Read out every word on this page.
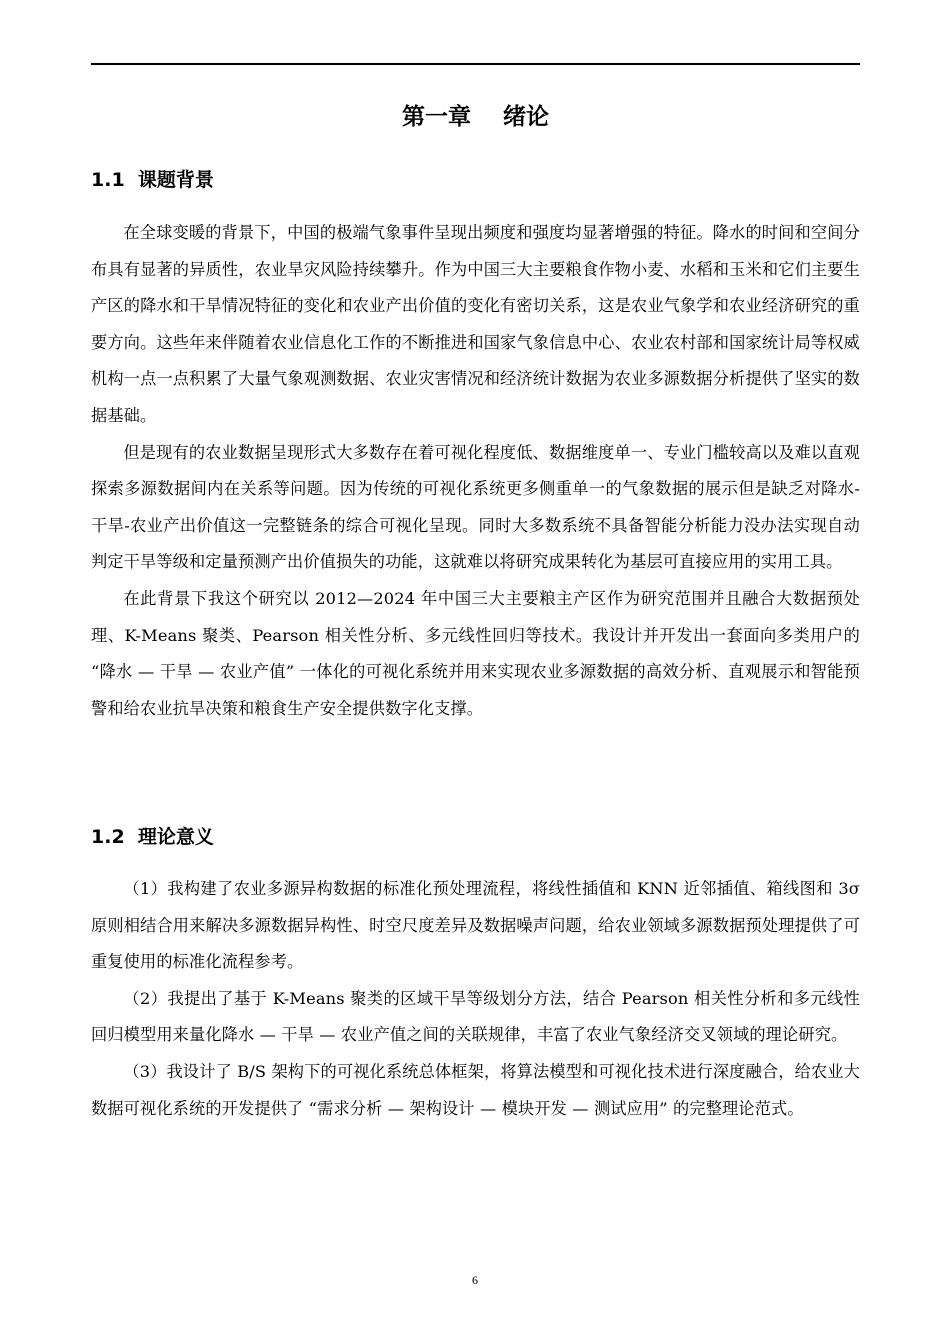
第一章    绪论
1.1  课题背景

在全球变暖的背景下，中国的极端气象事件呈现出频度和强度均显著增强的特征。降水的时间和空间分布具有显著的异质性，农业旱灾风险持续攀升。作为中国三大主要粮食作物小麦、水稻和玉米和它们主要生产区的降水和干旱情况特征的变化和农业产出价值的变化有密切关系，这是农业气象学和农业经济研究的重要方向。这些年来伴随着农业信息化工作的不断推进和国家气象信息中心、农业农村部和国家统计局等权威机构一点一点积累了大量气象观测数据、农业灾害情况和经济统计数据为农业多源数据分析提供了坚实的数据基础。

但是现有的农业数据呈现形式大多数存在着可视化程度低、数据维度单一、专业门槛较高以及难以直观探索多源数据间内在关系等问题。因为传统的可视化系统更多侧重单一的气象数据的展示但是缺乏对降水-干旱-农业产出价值这一完整链条的综合可视化呈现。同时大多数系统不具备智能分析能力没办法实现自动判定干旱等级和定量预测产出价值损失的功能，这就难以将研究成果转化为基层可直接应用的实用工具。

在此背景下我这个研究以 2012—2024 年中国三大主要粮主产区作为研究范围并且融合大数据预处理、K-Means 聚类、Pearson 相关性分析、多元线性回归等技术。我设计并开发出一套面向多类用户的 “降水 — 干旱 — 农业产值” 一体化的可视化系统并用来实现农业多源数据的高效分析、直观展示和智能预警和给农业抗旱决策和粮食生产安全提供数字化支撑。

1.2  理论意义

（1）我构建了农业多源异构数据的标准化预处理流程，将线性插值和 KNN 近邻插值、箱线图和 3σ 原则相结合用来解决多源数据异构性、时空尺度差异及数据噪声问题，给农业领域多源数据预处理提供了可重复使用的标准化流程参考。

（2）我提出了基于 K-Means 聚类的区域干旱等级划分方法，结合 Pearson 相关性分析和多元线性回归模型用来量化降水 — 干旱 — 农业产值之间的关联规律，丰富了农业气象经济交叉领域的理论研究。

（3）我设计了 B/S 架构下的可视化系统总体框架，将算法模型和可视化技术进行深度融合，给农业大数据可视化系统的开发提供了 “需求分析 — 架构设计 — 模块开发 — 测试应用” 的完整理论范式。

6
